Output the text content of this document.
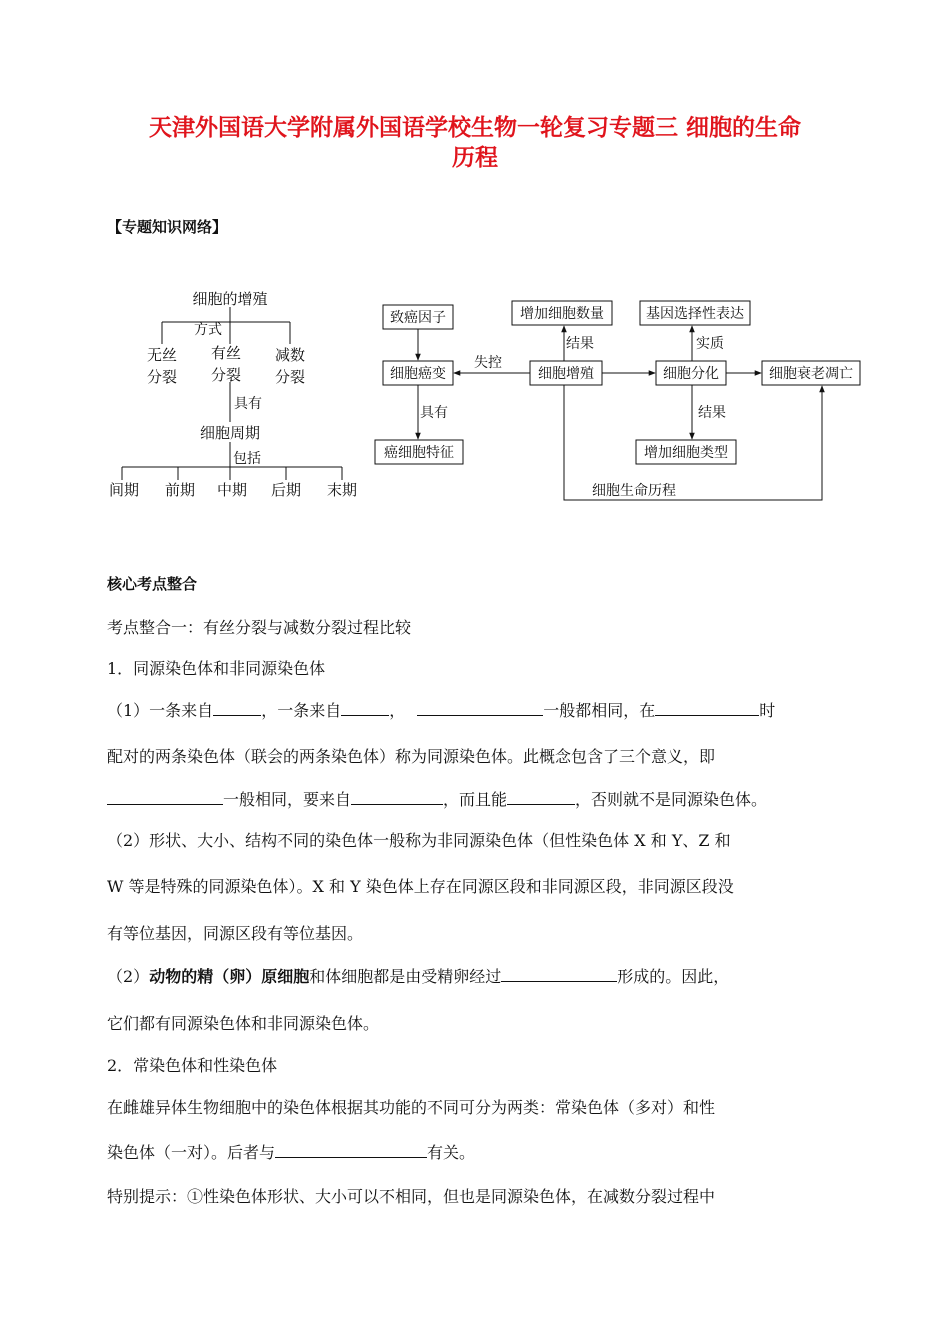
天津外国语大学附属外国语学校生物一轮复习专题三 细胞的生命
历程
【专题知识网络】
细胞的增殖
方式
无丝
分裂
有丝
分裂
减数
分裂
具有
细胞周期
包括
间期 前期 中期 后期 末期
致癌因子
细胞癌变
癌细胞特征
具有
失控
细胞增殖
增加细胞数量
结果
细胞分化
基因选择性表达
实质
结果
增加细胞类型
细胞衰老凋亡
细胞生命历程
核心考点整合
考点整合一：有丝分裂与减数分裂过程比较
1．同源染色体和非同源染色体
（1）一条来自	，一条来自	，	一般都相同，在	时
配对的两条染色体（联会的两条染色体）称为同源染色体。此概念包含了三个意义，即
一般相同，要来自	，而且能	，否则就不是同源染色体。
（2）形状、大小、结构不同的染色体一般称为非同源染色体（但性染色体 X 和 Y、Z 和
W 等是特殊的同源染色体）。X 和 Y 染色体上存在同源区段和非同源区段，非同源区段没
有等位基因，同源区段有等位基因。
（2）动物的精（卵）原细胞和体细胞都是由受精卵经过	形成的。因此，
它们都有同源染色体和非同源染色体。
2．常染色体和性染色体
在雌雄异体生物细胞中的染色体根据其功能的不同可分为两类：常染色体（多对）和性
染色体（一对）。后者与	有关。
特别提示：①性染色体形状、大小可以不相同，但也是同源染色体，在减数分裂过程中
